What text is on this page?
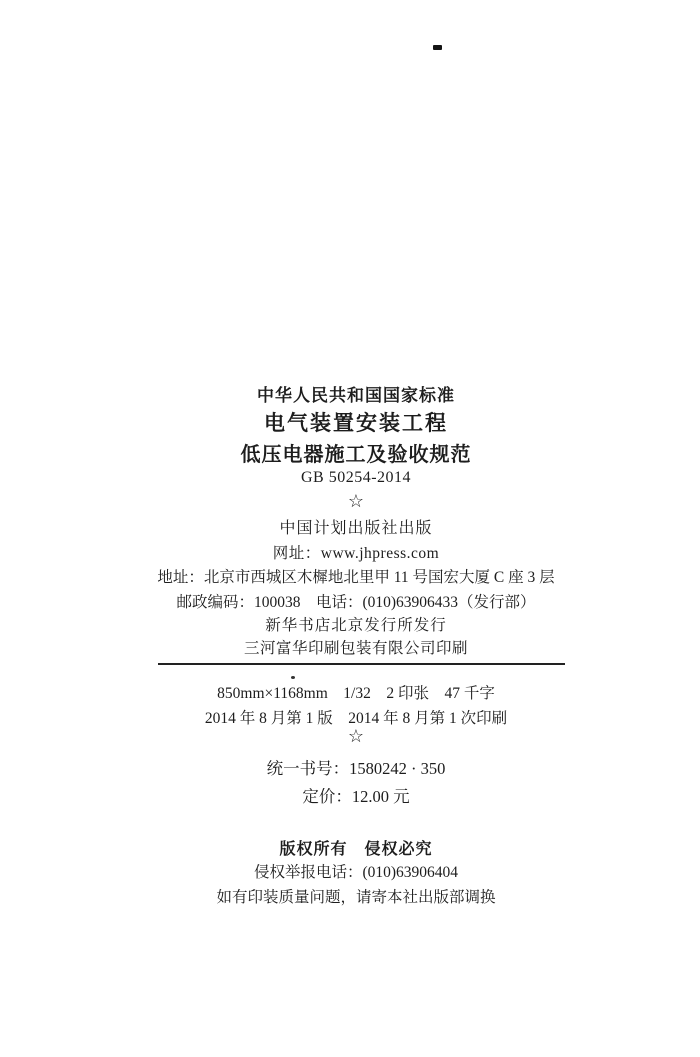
中华人民共和国国家标准
电气装置安装工程
低压电器施工及验收规范
GB 50254-2014
☆
中国计划出版社出版
网址：www.jhpress.com
地址：北京市西城区木樨地北里甲 11 号国宏大厦 C 座 3 层
邮政编码：100038　电话：(010)63906433（发行部）
新华书店北京发行所发行
三河富华印刷包装有限公司印刷
850mm×1168mm　1/32　2 印张　47 千字
2014 年 8 月第 1 版　2014 年 8 月第 1 次印刷
☆
统一书号：1580242 · 350
定价：12.00 元
版权所有　侵权必究
侵权举报电话：(010)63906404
如有印装质量问题，请寄本社出版部调换
